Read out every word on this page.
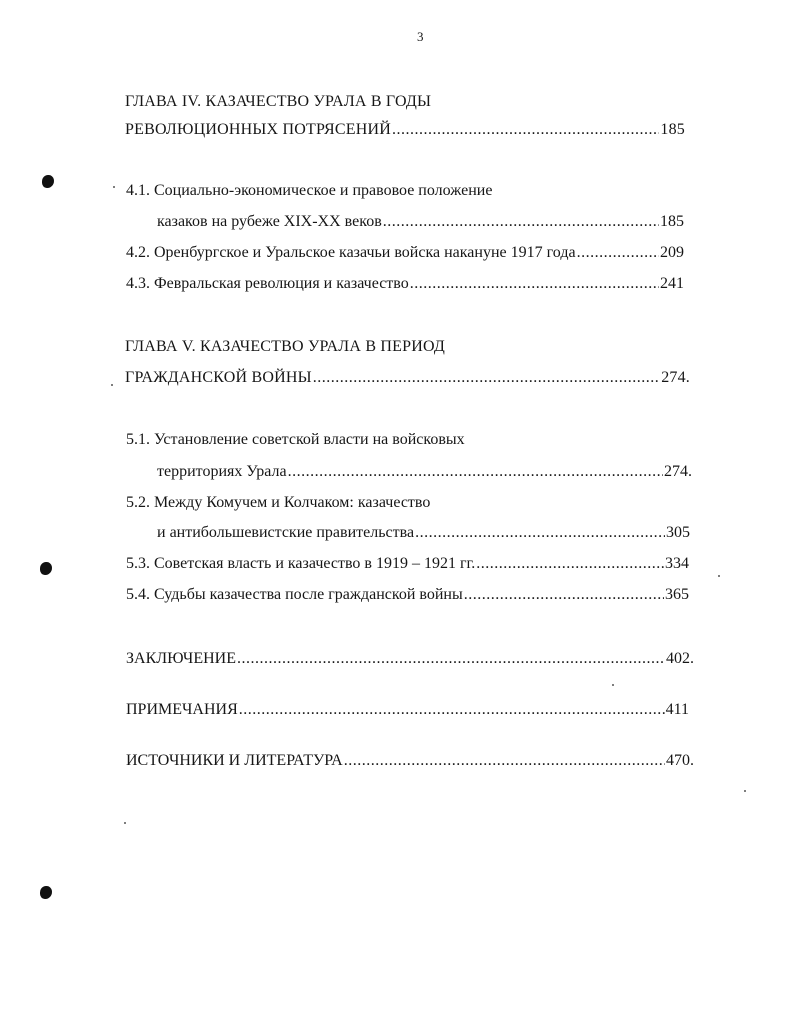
3
ГЛАВА IV. КАЗАЧЕСТВО УРАЛА В ГОДЫ
РЕВОЛЮЦИОННЫХ ПОТРЯСЕНИЙ .....	185
4.1. Социально-экономическое и правовое положение
казаков на рубеже XIX-XX веков .....	185
4.2. Оренбургское и Уральское казачьи войска накануне 1917 года .....	209
4.3. Февральская революция и казачество .....	241
ГЛАВА V. КАЗАЧЕСТВО УРАЛА В ПЕРИОД
ГРАЖДАНСКОЙ ВОЙНЫ .....	274.
5.1. Установление советской власти на войсковых
территориях Урала .....	274.
5.2. Между Комучем и Колчаком: казачество
и антибольшевистские правительства .....	305
5.3. Советская власть и казачество в 1919 – 1921 гг. .....	334
5.4. Судьбы казачества после гражданской войны .....	365
ЗАКЛЮЧЕНИЕ .....	402.
ПРИМЕЧАНИЯ .....	411
ИСТОЧНИКИ И ЛИТЕРАТУРА .....	470.
